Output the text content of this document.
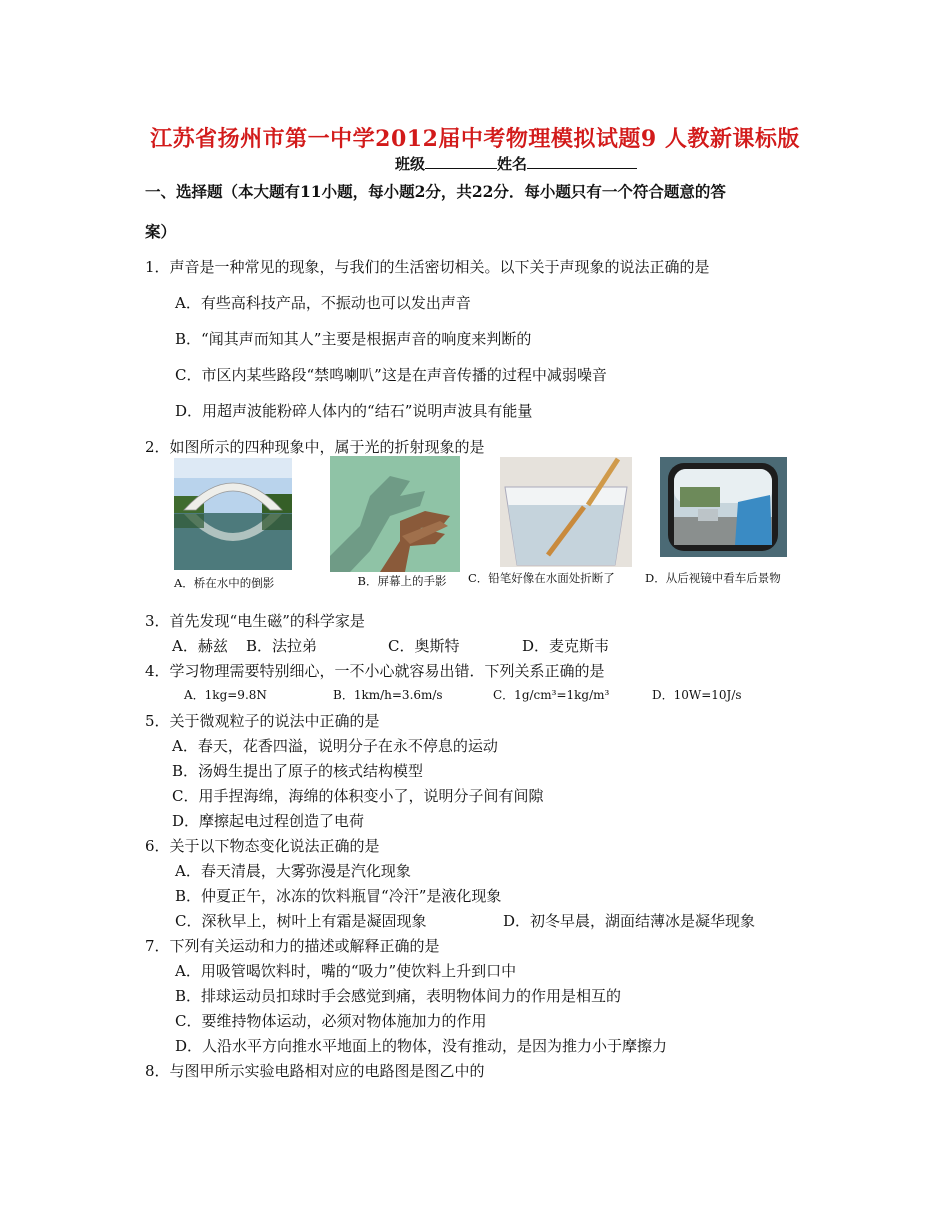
江苏省扬州市第一中学2012届中考物理模拟试题9 人教新课标版
班级	姓名
一、选择题（本大题有11小题，每小题2分，共22分．每小题只有一个符合题意的答
案）
1．声音是一种常见的现象，与我们的生活密切相关。以下关于声现象的说法正确的是
A．有些高科技产品，不振动也可以发出声音
B．“闻其声而知其人”主要是根据声音的响度来判断的
C．市区内某些路段“禁鸣喇叭”这是在声音传播的过程中减弱噪音
D．用超声波能粉碎人体内的“结石”说明声波具有能量
2．如图所示的四种现象中，属于光的折射现象的是
A．桥在水中的倒影	B．屏幕上的手影	C．铅笔好像在水面处折断了	D．从后视镜中看车后景物
3．首先发现“电生磁”的科学家是
A．赫兹 B．法拉弟	C．奥斯特	D．麦克斯韦
4．学习物理需要特别细心，一不小心就容易出错．下列关系正确的是
A．1kg=9.8N	B．1km/h=3.6m/s	C．1g/cm³=1kg/m³	D．10W=10J/s
5．关于微观粒子的说法中正确的是
A．春天，花香四溢，说明分子在永不停息的运动
B．汤姆生提出了原子的核式结构模型
C．用手捏海绵，海绵的体积变小了，说明分子间有间隙
D．摩擦起电过程创造了电荷
6．关于以下物态变化说法正确的是
A．春天清晨，大雾弥漫是汽化现象
B．仲夏正午，冰冻的饮料瓶冒“冷汗”是液化现象
C．深秋早上，树叶上有霜是凝固现象	D．初冬早晨，湖面结薄冰是凝华现象
7．下列有关运动和力的描述或解释正确的是
A．用吸管喝饮料时，嘴的“吸力”使饮料上升到口中
B．排球运动员扣球时手会感觉到痛，表明物体间力的作用是相互的
C．要维持物体运动，必须对物体施加力的作用
D．人沿水平方向推水平地面上的物体，没有推动，是因为推力小于摩擦力
8．与图甲所示实验电路相对应的电路图是图乙中的
